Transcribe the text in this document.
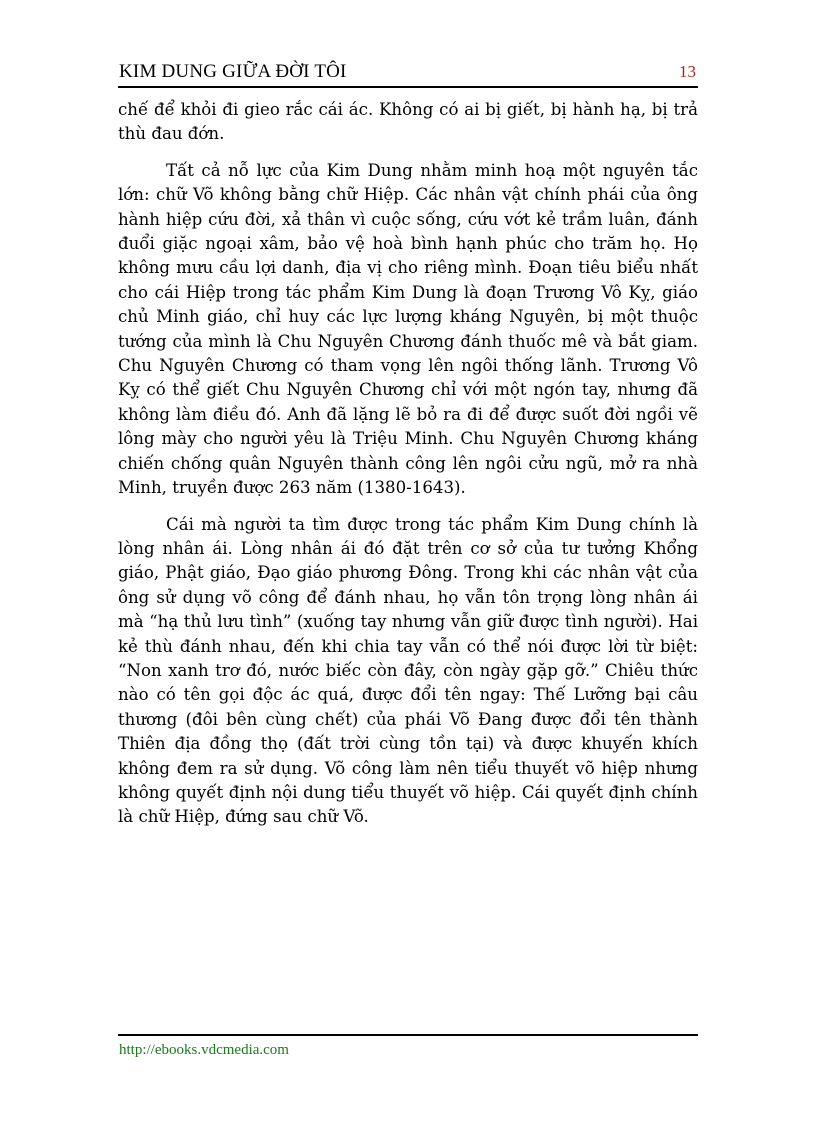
KIM DUNG GIỮA ĐỜI TÔI	13

chế để khỏi đi gieo rắc cái ác. Không có ai bị giết, bị hành hạ, bị trả thù đau đớn.

Tất cả nỗ lực của Kim Dung nhằm minh hoạ một nguyên tắc lớn: chữ Võ không bằng chữ Hiệp. Các nhân vật chính phái của ông hành hiệp cứu đời, xả thân vì cuộc sống, cứu vớt kẻ trầm luân, đánh đuổi giặc ngoại xâm, bảo vệ hoà bình hạnh phúc cho trăm họ. Họ không mưu cầu lợi danh, địa vị cho riêng mình. Đoạn tiêu biểu nhất cho cái Hiệp trong tác phẩm Kim Dung là đoạn Trương Vô Kỵ, giáo chủ Minh giáo, chỉ huy các lực lượng kháng Nguyên, bị một thuộc tướng của mình là Chu Nguyên Chương đánh thuốc mê và bắt giam. Chu Nguyên Chương có tham vọng lên ngôi thống lãnh. Trương Vô Kỵ có thể giết Chu Nguyên Chương chỉ với một ngón tay, nhưng đã không làm điều đó. Anh đã lặng lẽ bỏ ra đi để được suốt đời ngồi vẽ lông mày cho người yêu là Triệu Minh. Chu Nguyên Chương kháng chiến chống quân Nguyên thành công lên ngôi cửu ngũ, mở ra nhà Minh, truyền được 263 năm (1380-1643).

Cái mà người ta tìm được trong tác phẩm Kim Dung chính là lòng nhân ái. Lòng nhân ái đó đặt trên cơ sở của tư tưởng Khổng giáo, Phật giáo, Đạo giáo phương Đông. Trong khi các nhân vật của ông sử dụng võ công để đánh nhau, họ vẫn tôn trọng lòng nhân ái mà “hạ thủ lưu tình” (xuống tay nhưng vẫn giữ được tình người). Hai kẻ thù đánh nhau, đến khi chia tay vẫn có thể nói được lời từ biệt: “Non xanh trơ đó, nước biếc còn đây, còn ngày gặp gỡ.” Chiêu thức nào có tên gọi độc ác quá, được đổi tên ngay: Thế Lưỡng bại câu thương (đôi bên cùng chết) của phái Võ Đang được đổi tên thành Thiên địa đồng thọ (đất trời cùng tồn tại) và được khuyến khích không đem ra sử dụng. Võ công làm nên tiểu thuyết võ hiệp nhưng không quyết định nội dung tiểu thuyết võ hiệp. Cái quyết định chính là chữ Hiệp, đứng sau chữ Võ.

http://ebooks.vdcmedia.com
